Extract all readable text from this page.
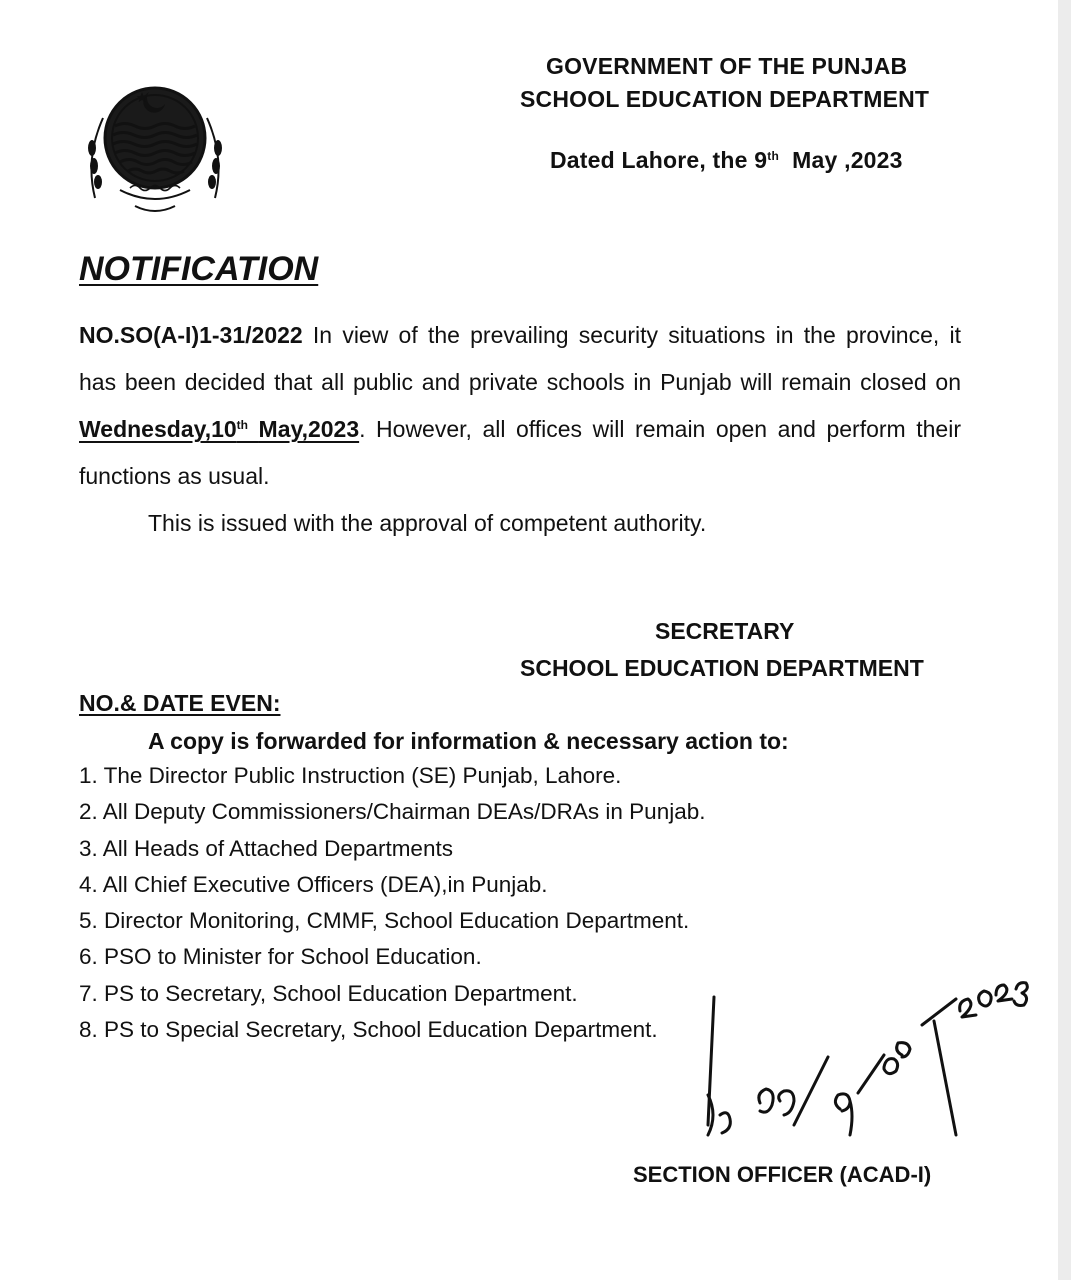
GOVERNMENT OF THE PUNJAB
SCHOOL EDUCATION DEPARTMENT
Dated Lahore, the 9th May ,2023
NOTIFICATION
NO.SO(A-I)1-31/2022 In view of the prevailing security situations in the province, it
has been decided that all public and private schools in Punjab will remain closed on
Wednesday,10th May,2023. However, all offices will remain open and perform their
functions as usual.
This is issued with the approval of competent authority.
SECRETARY
SCHOOL EDUCATION DEPARTMENT
NO.& DATE EVEN:
A copy is forwarded for information & necessary action to:
1. The Director Public Instruction (SE) Punjab, Lahore.
2. All Deputy Commissioners/Chairman DEAs/DRAs in Punjab.
3. All Heads of Attached Departments
4. All Chief Executive Officers (DEA),in Punjab.
5. Director Monitoring, CMMF, School Education Department.
6. PSO to Minister for School Education.
7. PS to Secretary, School Education Department.
8. PS to Special Secretary, School Education Department.
SECTION OFFICER (ACAD-I)
